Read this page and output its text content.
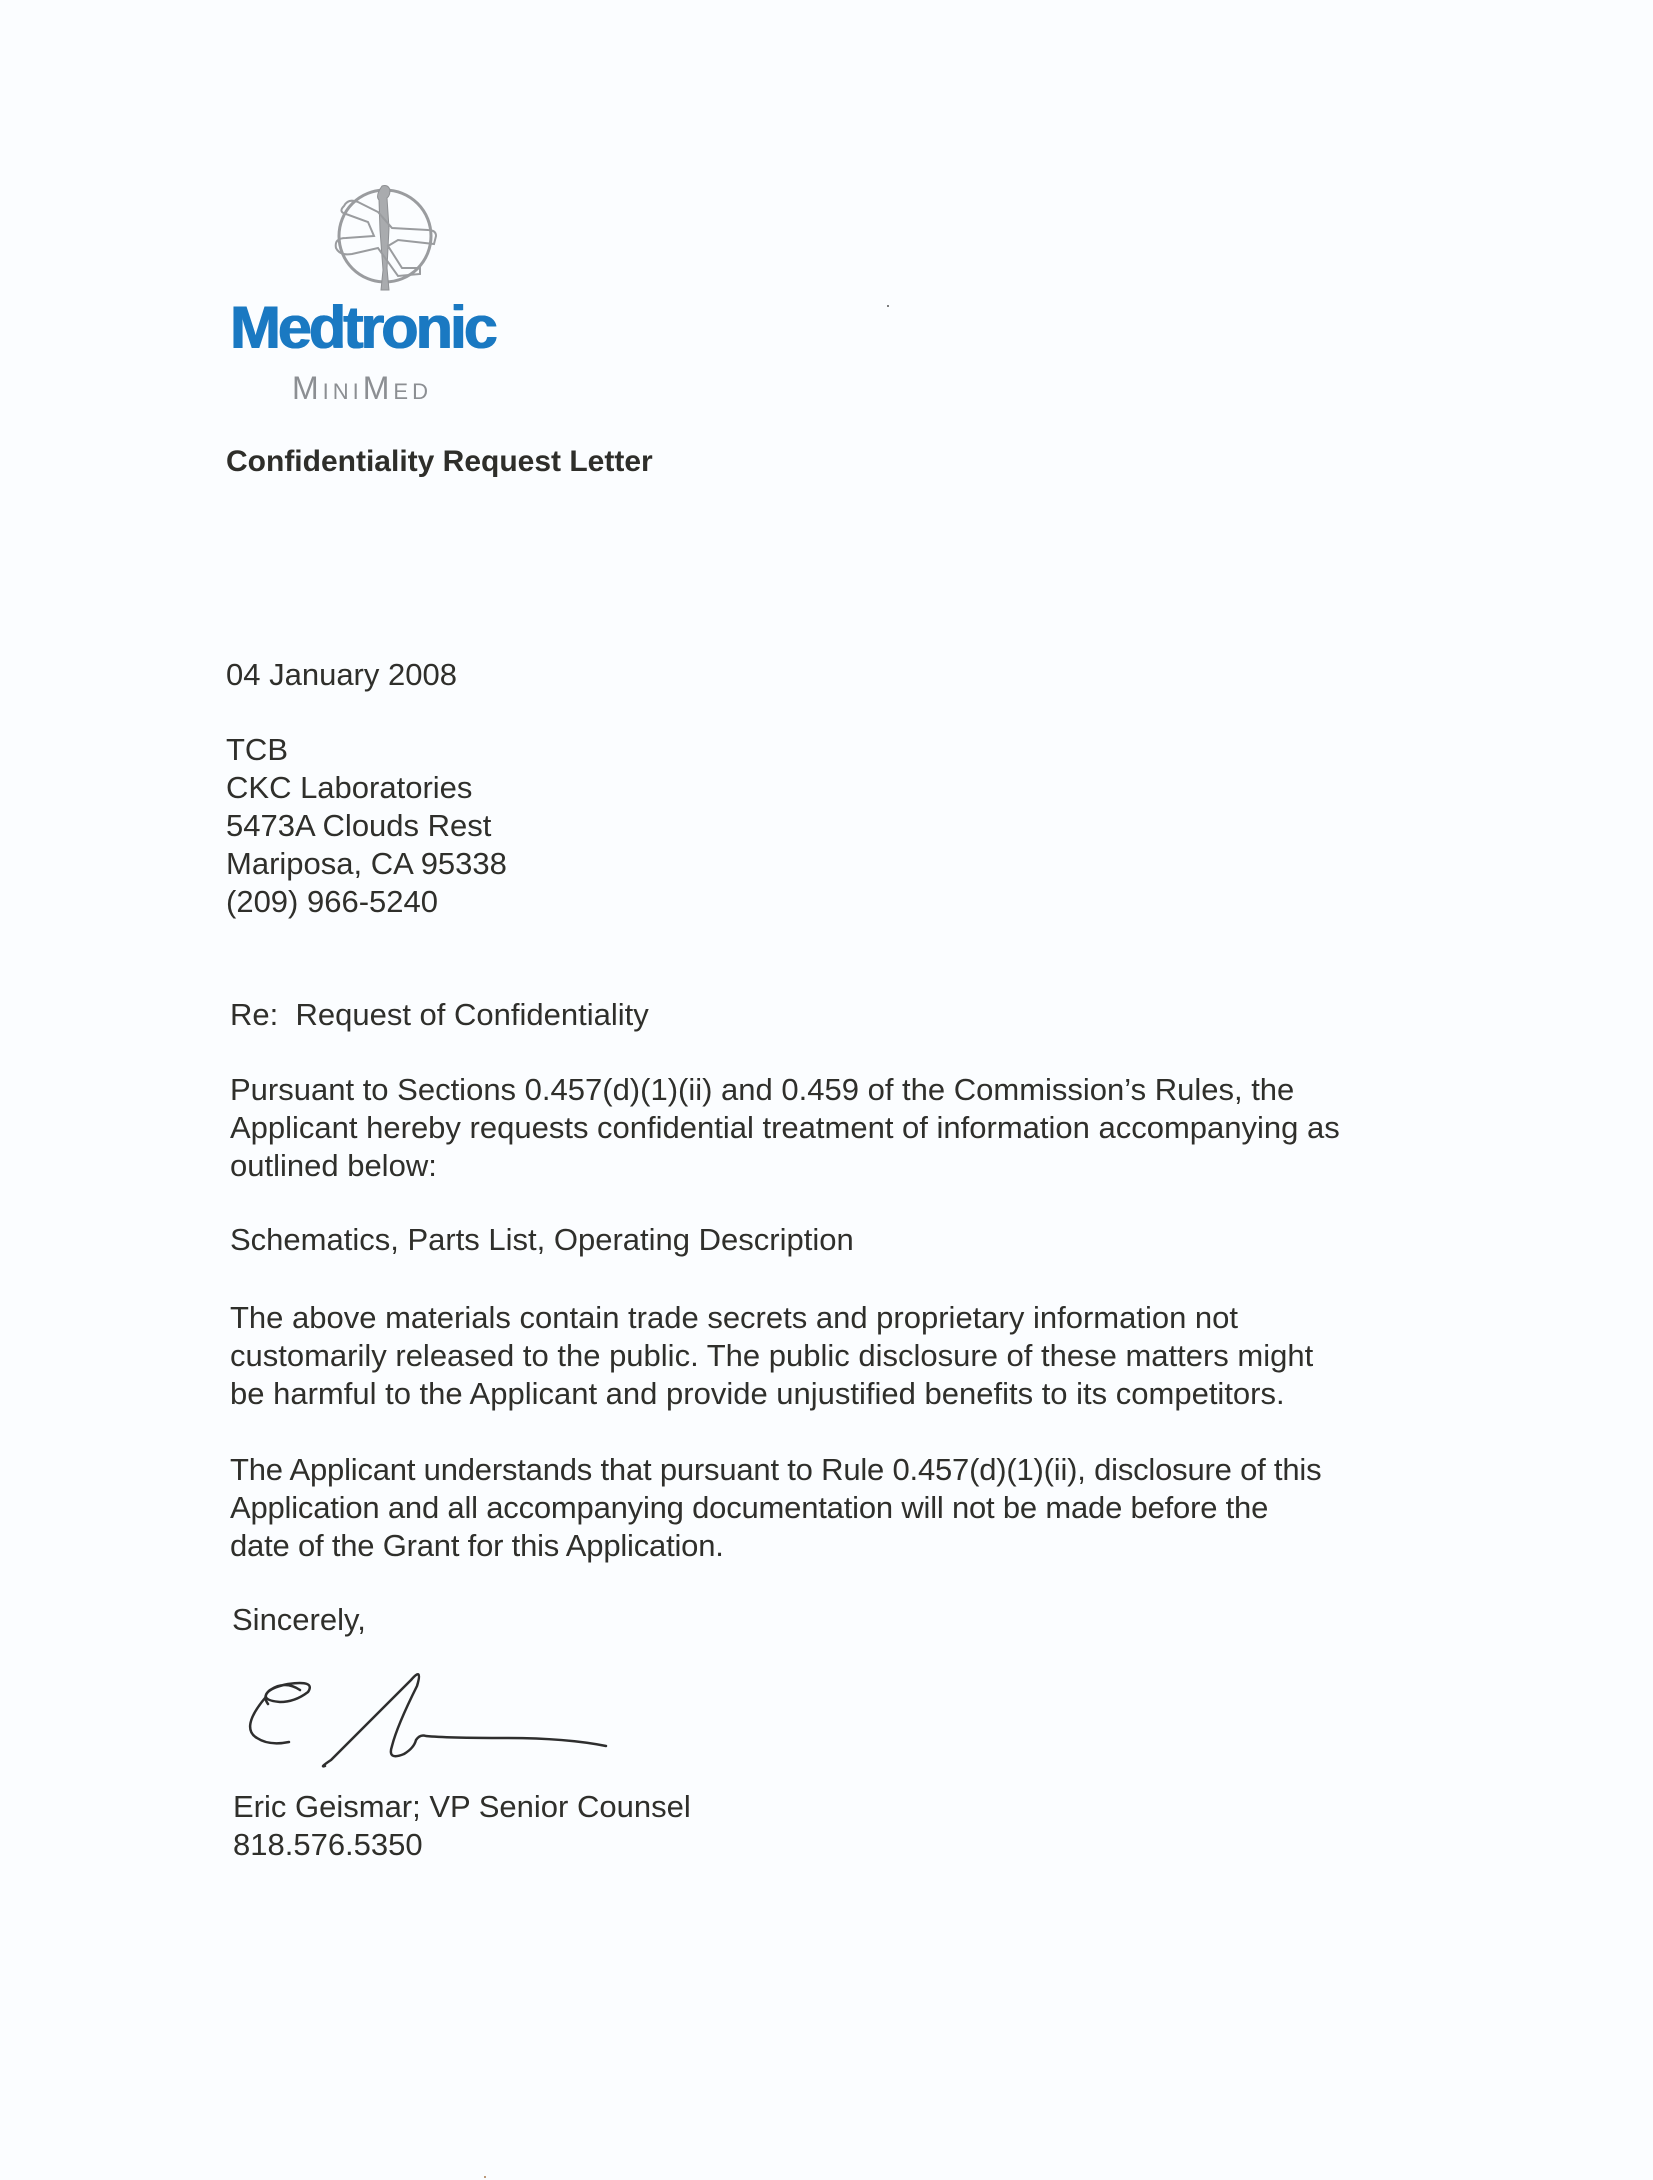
Medtronic
MiniMed
Confidentiality Request Letter
04 January 2008
TCB
CKC Laboratories
5473A Clouds Rest
Mariposa, CA 95338
(209) 966-5240
Re:  Request of Confidentiality
Pursuant to Sections 0.457(d)(1)(ii) and 0.459 of the Commission’s Rules, the
Applicant hereby requests confidential treatment of information accompanying as
outlined below:
Schematics, Parts List, Operating Description
The above materials contain trade secrets and proprietary information not
customarily released to the public. The public disclosure of these matters might
be harmful to the Applicant and provide unjustified benefits to its competitors.
The Applicant understands that pursuant to Rule 0.457(d)(1)(ii), disclosure of this
Application and all accompanying documentation will not be made before the
date of the Grant for this Application.
Sincerely,
Eric Geismar; VP Senior Counsel
818.576.5350
